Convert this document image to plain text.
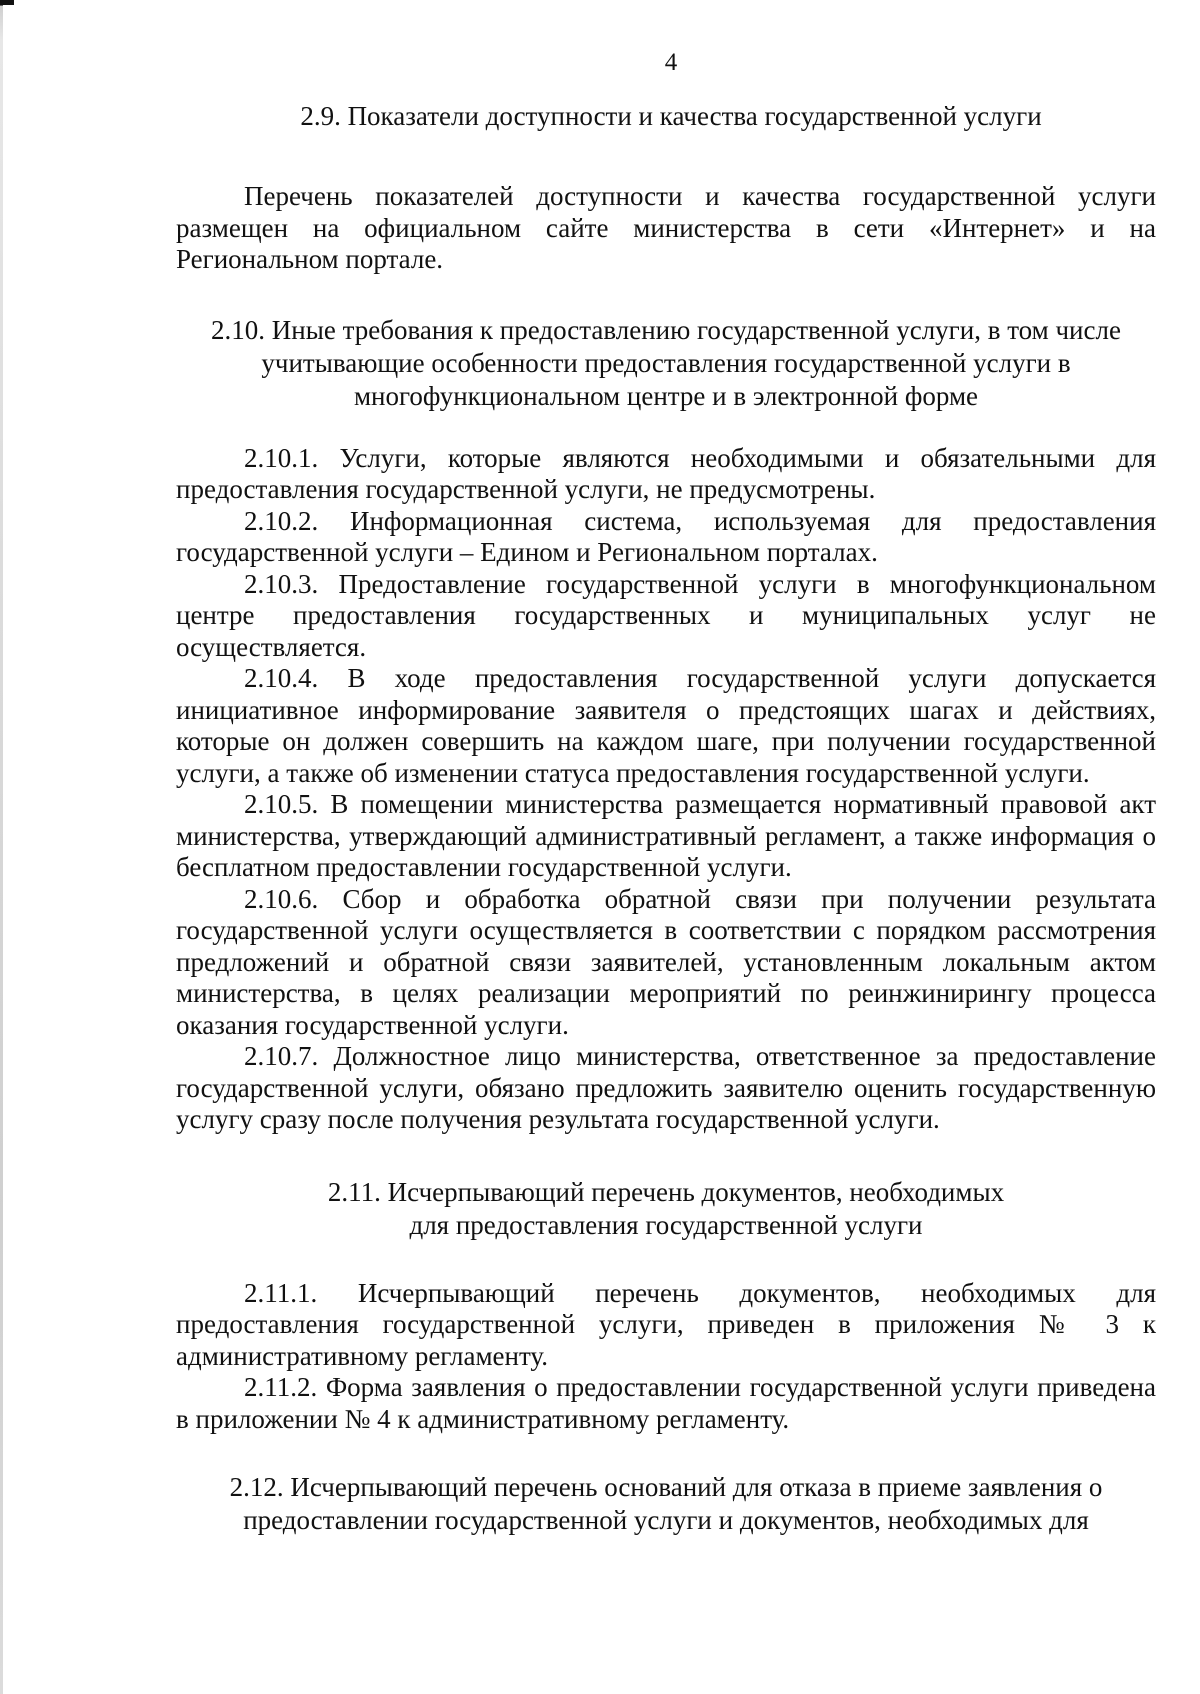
4
2.9. Показатели доступности и качества государственной услуги

Перечень показателей доступности и качества государственной услуги размещен на официальном сайте министерства в сети «Интернет» и на Региональном портале.

2.10. Иные требования к предоставлению государственной услуги, в том числе учитывающие особенности предоставления государственной услуги в многофункциональном центре и в электронной форме

2.10.1. Услуги, которые являются необходимыми и обязательными для предоставления государственной услуги, не предусмотрены.

2.10.2. Информационная система, используемая для предоставления государственной услуги – Едином и Региональном порталах.

2.10.3. Предоставление государственной услуги в многофункциональном центре предоставления государственных и муниципальных услуг не осуществляется.

2.10.4. В ходе предоставления государственной услуги допускается инициативное информирование заявителя о предстоящих шагах и действиях, которые он должен совершить на каждом шаге, при получении государственной услуги, а также об изменении статуса предоставления государственной услуги.

2.10.5. В помещении министерства размещается нормативный правовой акт министерства, утверждающий административный регламент, а также информация о бесплатном предоставлении государственной услуги.

2.10.6. Сбор и обработка обратной связи при получении результата государственной услуги осуществляется в соответствии с порядком рассмотрения предложений и обратной связи заявителей, установленным локальным актом министерства, в целях реализации мероприятий по реинжинирингу процесса оказания государственной услуги.

2.10.7. Должностное лицо министерства, ответственное за предоставление государственной услуги, обязано предложить заявителю оценить государственную услугу сразу после получения результата государственной услуги.

2.11. Исчерпывающий перечень документов, необходимых
для предоставления государственной услуги

2.11.1. Исчерпывающий перечень документов, необходимых для предоставления государственной услуги, приведен в приложения № 3 к административному регламенту.

2.11.2. Форма заявления о предоставлении государственной услуги приведена в приложении № 4 к административному регламенту.

2.12. Исчерпывающий перечень оснований для отказа в приеме заявления о
предоставлении государственной услуги и документов, необходимых для
